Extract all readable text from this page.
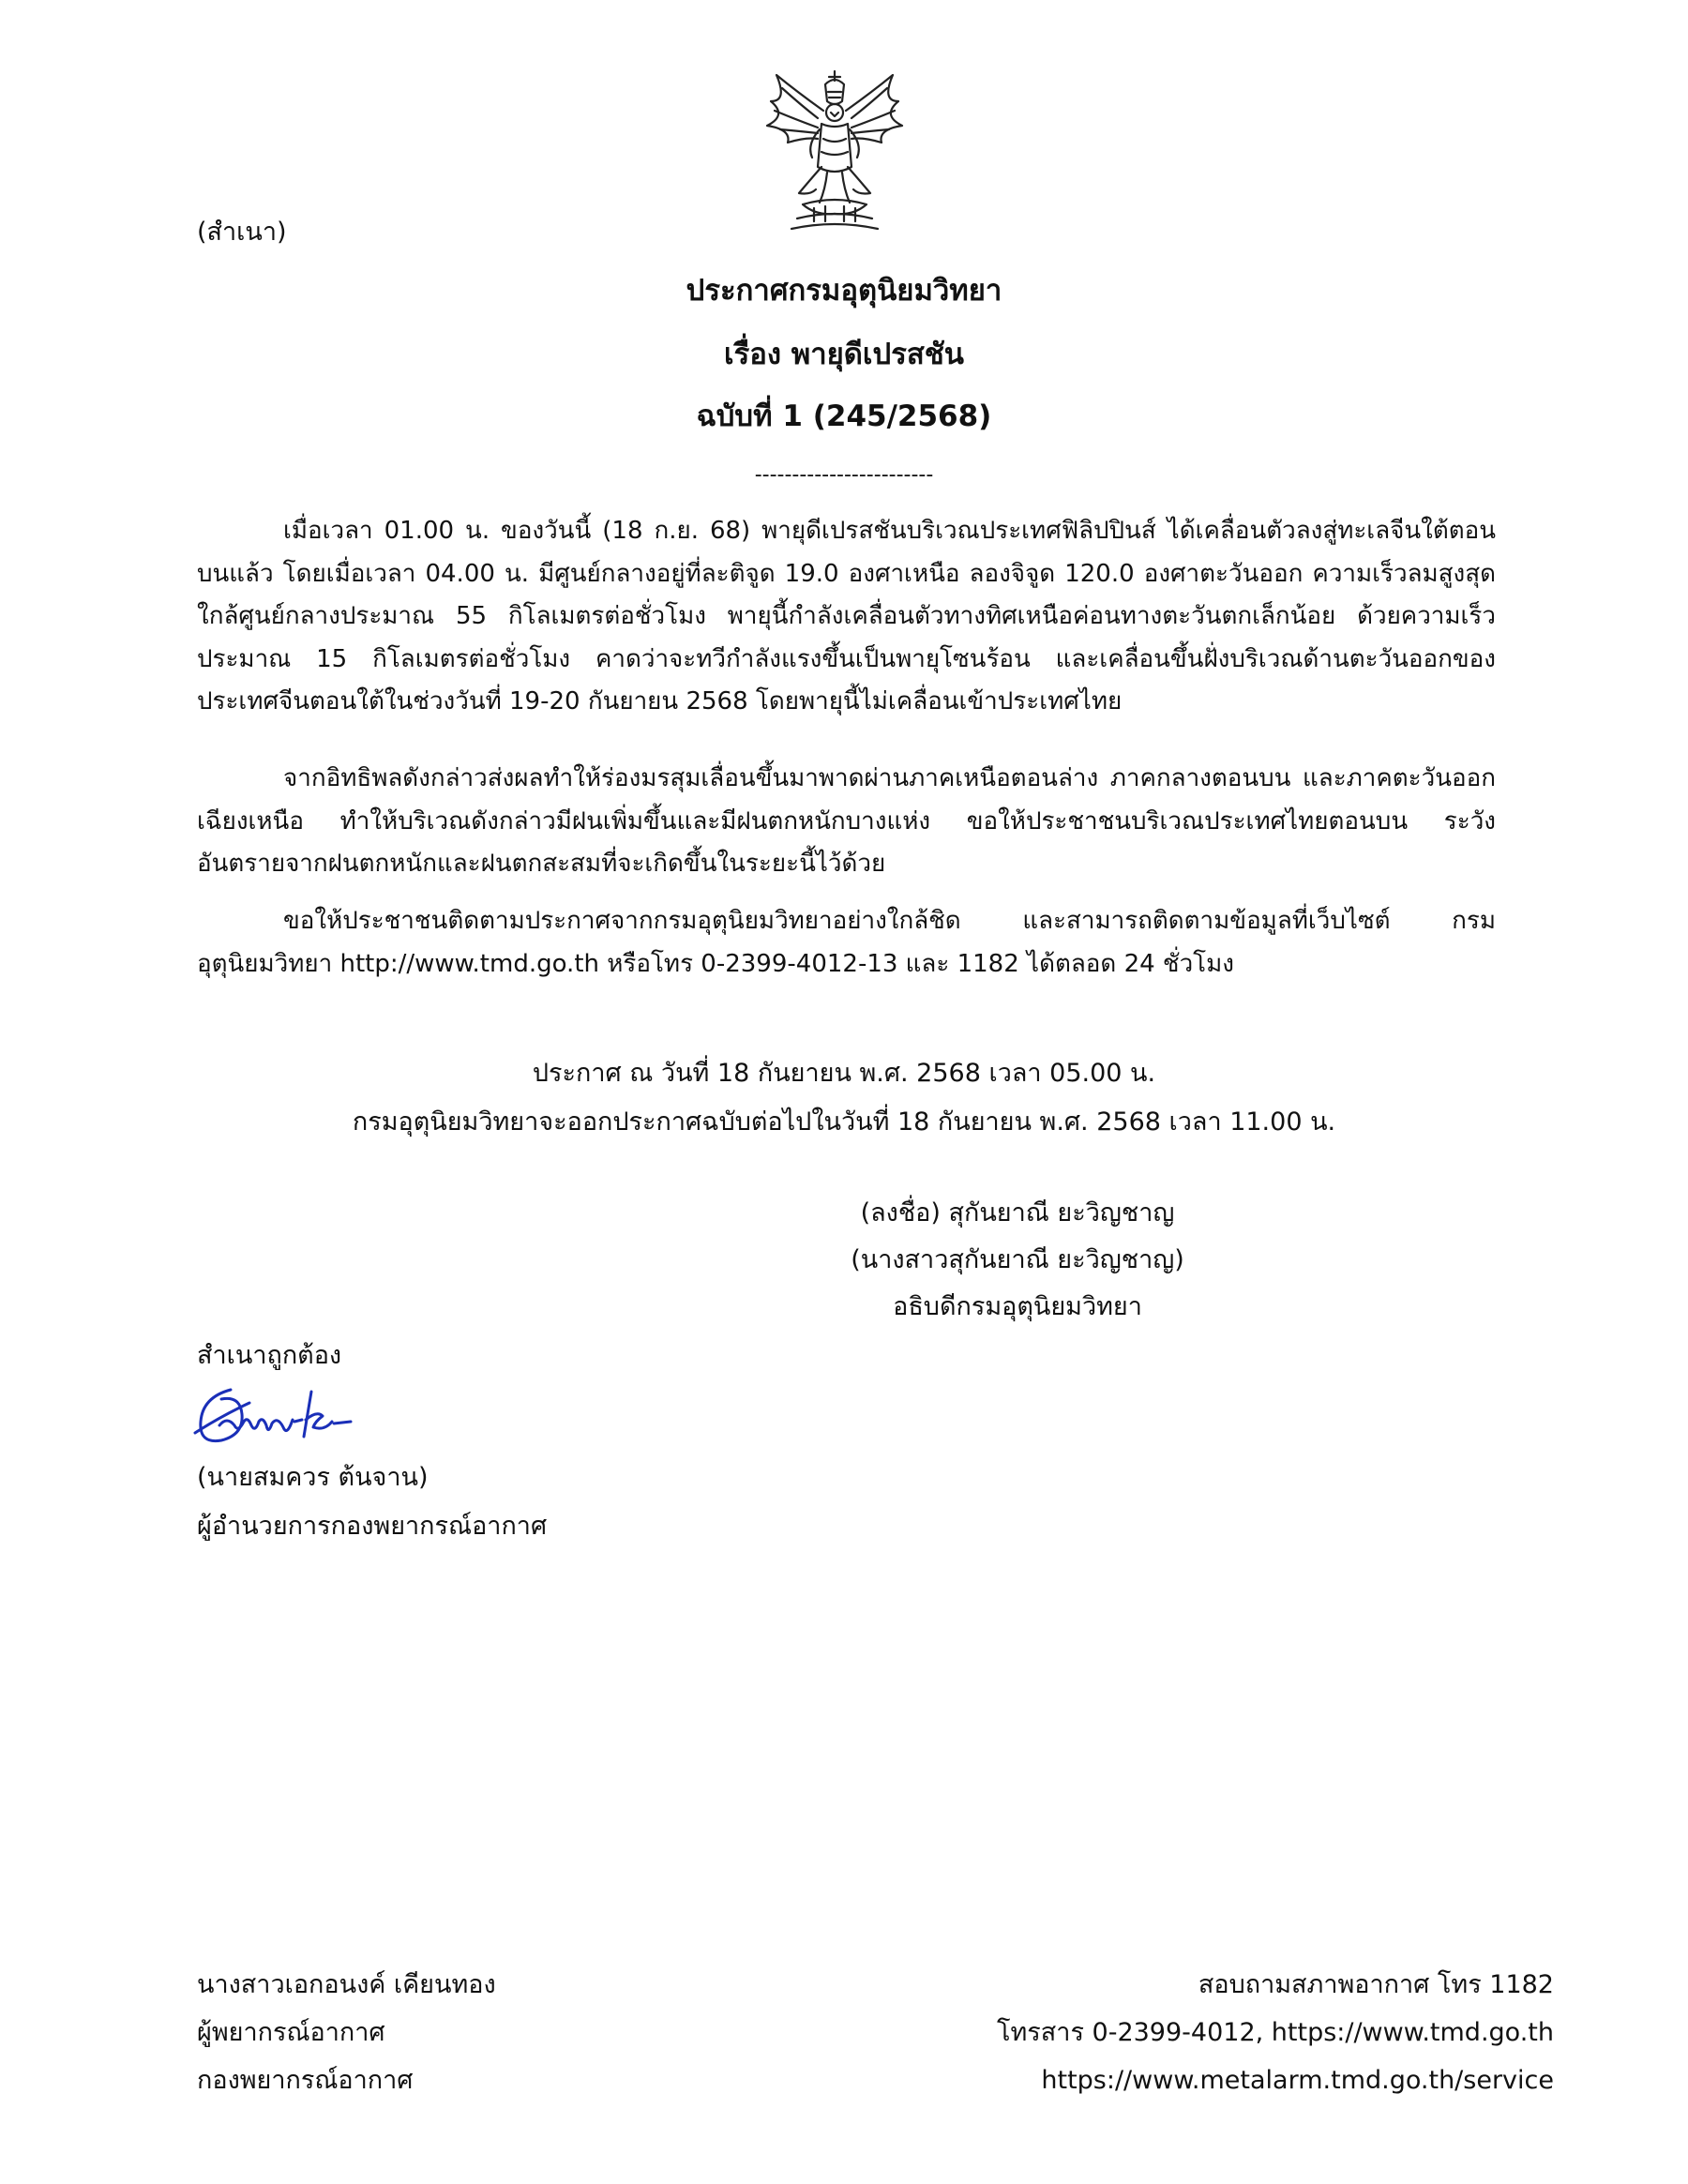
(สำเนา)
ประกาศกรมอุตุนิยมวิทยา
เรื่อง พายุดีเปรสชัน
ฉบับที่ 1 (245/2568)
------------------------
เมื่อเวลา 01.00 น. ของวันนี้ (18 ก.ย. 68) พายุดีเปรสชันบริเวณประเทศฟิลิปปินส์ ได้เคลื่อนตัวลงสู่ทะเลจีนใต้ตอนบนแล้ว โดยเมื่อเวลา 04.00 น. มีศูนย์กลางอยู่ที่ละติจูด 19.0 องศาเหนือ ลองจิจูด 120.0 องศาตะวันออก ความเร็วลมสูงสุดใกล้ศูนย์กลางประมาณ 55 กิโลเมตรต่อชั่วโมง พายุนี้กำลังเคลื่อนตัวทางทิศเหนือค่อนทางตะวันตกเล็กน้อย ด้วยความเร็วประมาณ 15 กิโลเมตรต่อชั่วโมง คาดว่าจะทวีกำลังแรงขึ้นเป็นพายุโซนร้อน และเคลื่อนขึ้นฝั่งบริเวณด้านตะวันออกของประเทศจีนตอนใต้ในช่วงวันที่ 19-20 กันยายน 2568 โดยพายุนี้ไม่เคลื่อนเข้าประเทศไทย
จากอิทธิพลดังกล่าวส่งผลทำให้ร่องมรสุมเลื่อนขึ้นมาพาดผ่านภาคเหนือตอนล่าง ภาคกลางตอนบน และภาคตะวันออกเฉียงเหนือ ทำให้บริเวณดังกล่าวมีฝนเพิ่มขึ้นและมีฝนตกหนักบางแห่ง ขอให้ประชาชนบริเวณประเทศไทยตอนบน ระวังอันตรายจากฝนตกหนักและฝนตกสะสมที่จะเกิดขึ้นในระยะนี้ไว้ด้วย
ขอให้ประชาชนติดตามประกาศจากกรมอุตุนิยมวิทยาอย่างใกล้ชิด และสามารถติดตามข้อมูลที่เว็บไซต์ กรมอุตุนิยมวิทยา http://www.tmd.go.th หรือโทร 0-2399-4012-13 และ 1182 ได้ตลอด 24 ชั่วโมง
ประกาศ ณ วันที่ 18 กันยายน พ.ศ. 2568 เวลา 05.00 น.
กรมอุตุนิยมวิทยาจะออกประกาศฉบับต่อไปในวันที่ 18 กันยายน พ.ศ. 2568 เวลา 11.00 น.
(ลงชื่อ) สุกันยาณี ยะวิญชาญ
(นางสาวสุกันยาณี ยะวิญชาญ)
อธิบดีกรมอุตุนิยมวิทยา
สำเนาถูกต้อง
(นายสมควร ต้นจาน)
ผู้อำนวยการกองพยากรณ์อากาศ
นางสาวเอกอนงค์ เคียนทอง
ผู้พยากรณ์อากาศ
กองพยากรณ์อากาศ
สอบถามสภาพอากาศ โทร 1182
โทรสาร 0-2399-4012, https://www.tmd.go.th
https://www.metalarm.tmd.go.th/service
